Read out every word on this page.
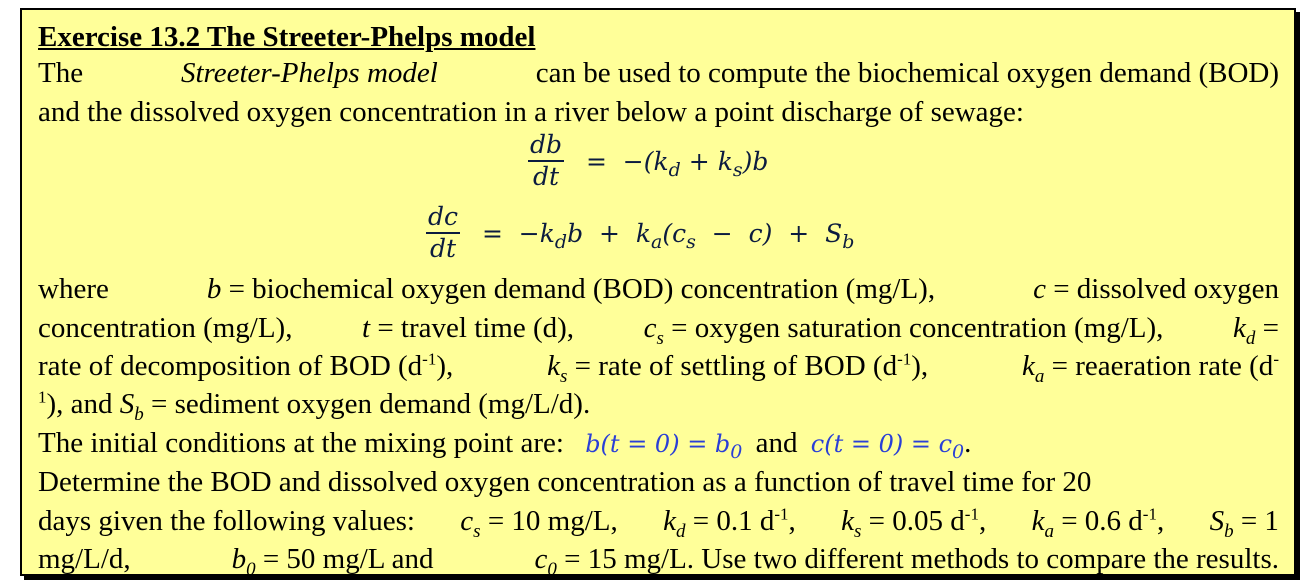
Exercise 13.2 The Streeter-Phelps model
The	Streeter-Phelps model	can be used to compute the biochemical oxygen demand (BOD)
and the dissolved oxygen concentration in a river below a point discharge of sewage:
$\frac{db}{dt} = -(k_d + k_s)b$
$\frac{dc}{dt} = -k_db + k_a(c_s - c) + S_b$
where	b = biochemical oxygen demand (BOD) concentration (mg/L),	c = dissolved oxygen
concentration (mg/L), t = travel time (d), $c_s$ = oxygen saturation concentration (mg/L), $k_d$ =
rate of decomposition of BOD $(d^{-1})$,	$k_s$ = rate of settling of BOD $(d^{-1})$,	$k_a$ = reaeration rate (d-
$^1$), and $S_b$ = sediment oxygen demand (mg/L/d).
The initial conditions at the mixing point are: $b(t = 0) = b_0$ and $c(t = 0) = c_0$.
Determine the BOD and dissolved oxygen concentration as a function of travel time for 20
days given the following values: $c_s = 10$ mg/L, $k_d = 0.1$ $d^{-1}$, $k_s = 0.05$ $d^{-1}$, $k_a = 0.6$ $d^{-1}$, $S_b = 1$
mg/L/d,	$b_0 = 50$ mg/L and	$c_0 = 15$ mg/L. Use two different methods to compare the results.
